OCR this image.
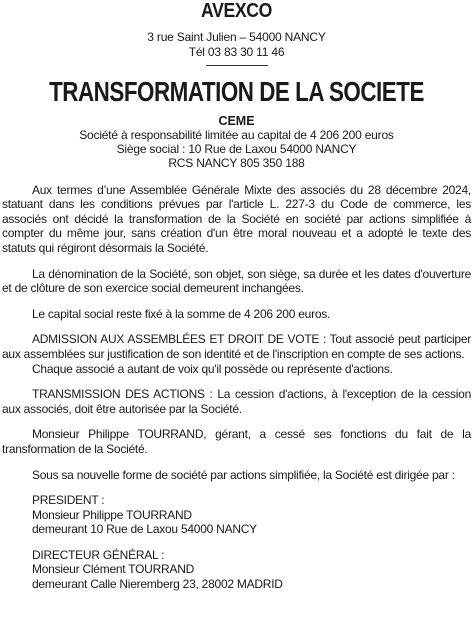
AVEXCO
3 rue Saint Julien – 54000 NANCY
Tél 03 83 30 11 46
TRANSFORMATION DE LA SOCIETE
CEME
Société à responsabilité limitée au capital de 4 206 200 euros
Siège social : 10 Rue de Laxou 54000 NANCY
RCS NANCY 805 350 188

Aux termes d’une Assemblée Générale Mixte des associés du 28 décembre 2024, statuant dans les conditions prévues par l'article L. 227-3 du Code de commerce, les associés ont décidé la transformation de la Société en société par actions simplifiée à compter du même jour, sans création d'un être moral nouveau et a adopté le texte des statuts qui régiront désormais la Société.

La dénomination de la Société, son objet, son siège, sa durée et les dates d'ouverture et de clôture de son exercice social demeurent inchangées.

Le capital social reste fixé à la somme de 4 206 200 euros.

ADMISSION AUX ASSEMBLÉES ET DROIT DE VOTE : Tout associé peut participer aux assemblées sur justification de son identité et de l'inscription en compte de ses actions.

Chaque associé a autant de voix qu'il possède ou représente d'actions.

TRANSMISSION DES ACTIONS : La cession d'actions, à l'exception de la cession aux associés, doit être autorisée par la Société.

Monsieur Philippe TOURRAND, gérant, a cessé ses fonctions du fait de la transformation de la Société.

Sous sa nouvelle forme de société par actions simplifiée, la Société est dirigée par :

PRESIDENT :
Monsieur Philippe TOURRAND
demeurant 10 Rue de Laxou 54000 NANCY
DIRECTEUR GÉNÉRAL :
Monsieur Clément TOURRAND
demeurant Calle Nieremberg 23, 28002 MADRID
